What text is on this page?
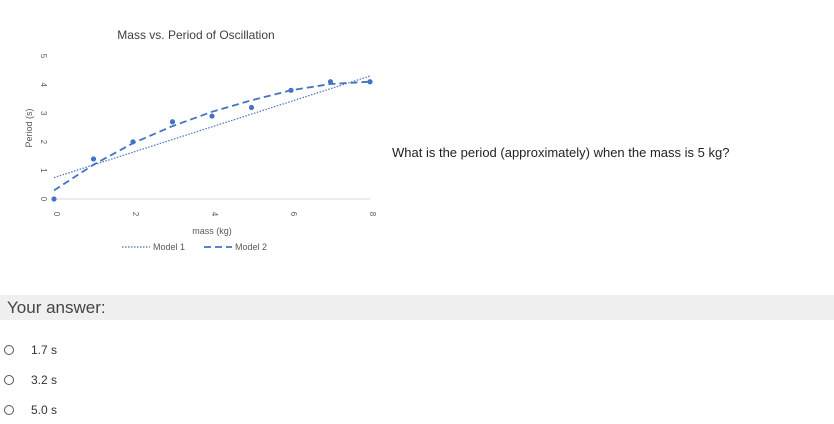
Mass vs. Period of Oscillation
Period (s)
mass (kg)
0	2	4	6	8
0
1
2
3
4
5
Model 1	Model 2
What is the period (approximately) when the mass is 5 kg?
Your answer:
1.7 s
3.2 s
5.0 s
